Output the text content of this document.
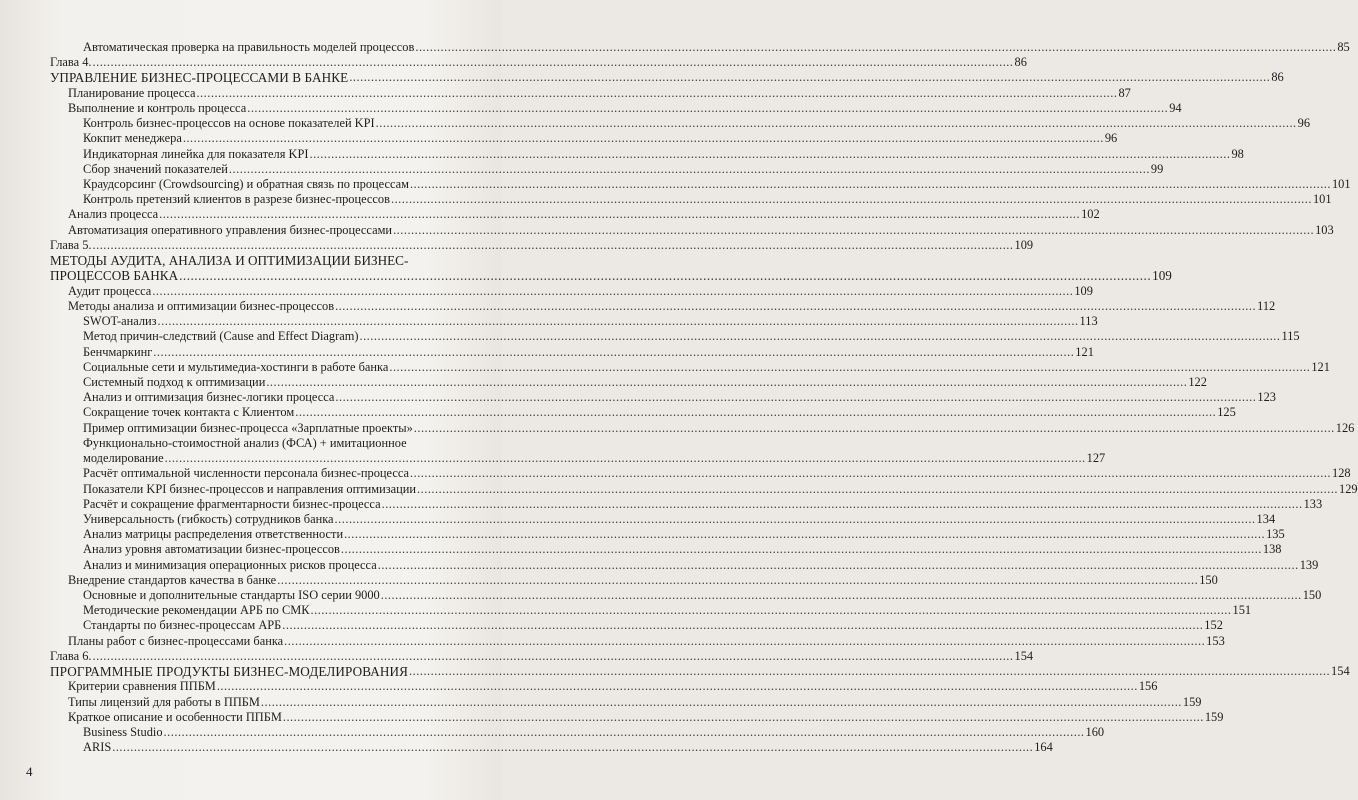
Автоматическая проверка на правильность моделей процессов .....	85
Глава 4. .....	86
УПРАВЛЕНИЕ БИЗНЕС-ПРОЦЕССАМИ В БАНКЕ .....	86
Планирование процесса .....	87
Выполнение и контроль процесса .....	94
Контроль бизнес-процессов на основе показателей KPI .....	96
Кокпит менеджера .....	96
Индикаторная линейка для показателя KPI .....	98
Сбор значений показателей .....	99
Краудсорсинг (Crowdsourcing) и обратная связь по процессам .....	101
Контроль претензий клиентов в разрезе бизнес-процессов .....	101
Анализ процесса .....	102
Автоматизация оперативного управления бизнес-процессами .....	103
Глава 5. .....	109
МЕТОДЫ АУДИТА, АНАЛИЗА И ОПТИМИЗАЦИИ БИЗНЕС-
ПРОЦЕССОВ БАНКА .....	109
Аудит процесса .....	109
Методы анализа и оптимизации бизнес-процессов .....	112
SWOT-анализ .....	113
Метод причин-следствий (Cause and Effect Diagram) .....	115
Бенчмаркинг .....	121
Социальные сети и мультимедиа-хостинги в работе банка .....	121
Системный подход к оптимизации .....	122
Анализ и оптимизация бизнес-логики процесса .....	123
Сокращение точек контакта с Клиентом .....	125
Пример оптимизации бизнес-процесса «Зарплатные проекты» .....	126
Функционально-стоимостной анализ (ФСА) + имитационное
моделирование .....	127
Расчёт оптимальной численности персонала бизнес-процесса .....	128
Показатели KPI бизнес-процессов и направления оптимизации .....	129
Расчёт и сокращение фрагментарности бизнес-процесса .....	133
Универсальность (гибкость) сотрудников банка .....	134
Анализ матрицы распределения ответственности .....	135
Анализ уровня автоматизации бизнес-процессов .....	138
Анализ и минимизация операционных рисков процесса .....	139
Внедрение стандартов качества в банке .....	150
Основные и дополнительные стандарты ISO серии 9000 .....	150
Методические рекомендации АРБ по СМК .....	151
Стандарты по бизнес-процессам АРБ .....	152
Планы работ с бизнес-процессами банка .....	153
Глава 6. .....	154
ПРОГРАММНЫЕ ПРОДУКТЫ БИЗНЕС-МОДЕЛИРОВАНИЯ .....	154
Критерии сравнения ППБМ .....	156
Типы лицензий для работы в ППБМ .....	159
Краткое описание и особенности ППБМ .....	159
Business Studio .....	160
ARIS .....	164
4
